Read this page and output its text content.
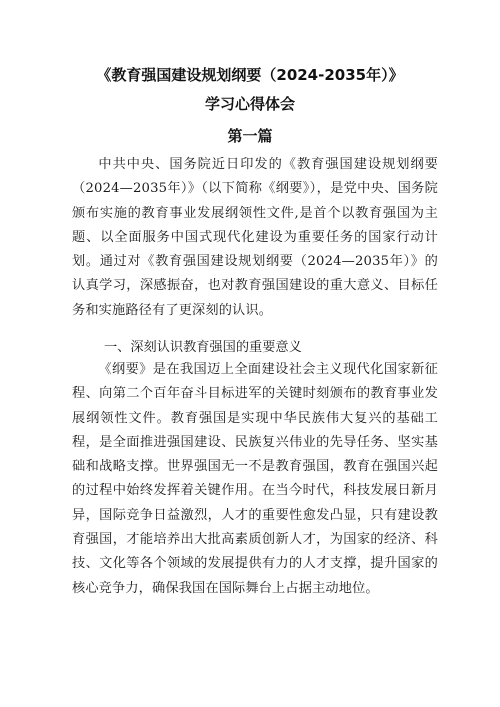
《教育强国建设规划纲要（2024-2035年）》
学习心得体会
第一篇
中共中央、国务院近日印发的《教育强国建设规划纲要（2024—2035年）》（以下简称《纲要》），是党中央、国务院颁布实施的教育事业发展纲领性文件,是首个以教育强国为主题、以全面服务中国式现代化建设为重要任务的国家行动计划。通过对《教育强国建设规划纲要（2024—2035年）》的认真学习，深感振奋，也对教育强国建设的重大意义、目标任务和实施路径有了更深刻的认识。
一、深刻认识教育强国的重要意义
《纲要》是在我国迈上全面建设社会主义现代化国家新征程、向第二个百年奋斗目标进军的关键时刻颁布的教育事业发展纲领性文件。教育强国是实现中华民族伟大复兴的基础工程，是全面推进强国建设、民族复兴伟业的先导任务、坚实基础和战略支撑。世界强国无一不是教育强国，教育在强国兴起的过程中始终发挥着关键作用。在当今时代，科技发展日新月异，国际竞争日益激烈，人才的重要性愈发凸显，只有建设教育强国，才能培养出大批高素质创新人才，为国家的经济、科技、文化等各个领域的发展提供有力的人才支撑，提升国家的核心竞争力，确保我国在国际舞台上占据主动地位。
